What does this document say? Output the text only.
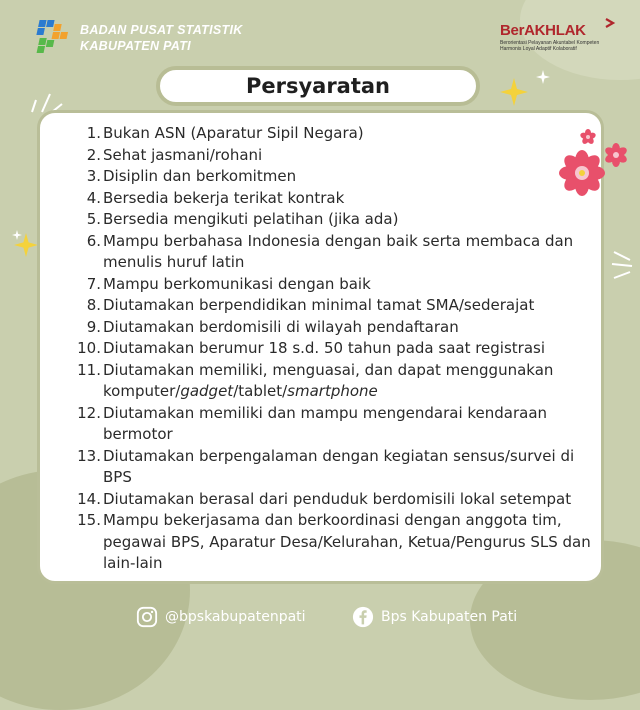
BADAN PUSAT STATISTIK
KABUPATEN PATI
BerAKHLAK
Berorientasi Pelayanan Akuntabel Kompeten
Harmonis Loyal Adaptif Kolaboratif
Persyaratan
1. Bukan ASN (Aparatur Sipil Negara)
2. Sehat jasmani/rohani
3. Disiplin dan berkomitmen
4. Bersedia bekerja terikat kontrak
5. Bersedia mengikuti pelatihan (jika ada)
6. Mampu berbahasa Indonesia dengan baik serta membaca dan menulis huruf latin
7. Mampu berkomunikasi dengan baik
8. Diutamakan berpendidikan minimal tamat SMA/sederajat
9. Diutamakan berdomisili di wilayah pendaftaran
10. Diutamakan berumur 18 s.d. 50 tahun pada saat registrasi
11. Diutamakan memiliki, menguasai, dan dapat menggunakan komputer/gadget/tablet/smartphone
12. Diutamakan memiliki dan mampu mengendarai kendaraan bermotor
13. Diutamakan berpengalaman dengan kegiatan sensus/survei di BPS
14. Diutamakan berasal dari penduduk berdomisili lokal setempat
15. Mampu bekerjasama dan berkoordinasi dengan anggota tim, pegawai BPS, Aparatur Desa/Kelurahan, Ketua/Pengurus SLS dan lain-lain
@bpskabupatenpati	Bps Kabupaten Pati
